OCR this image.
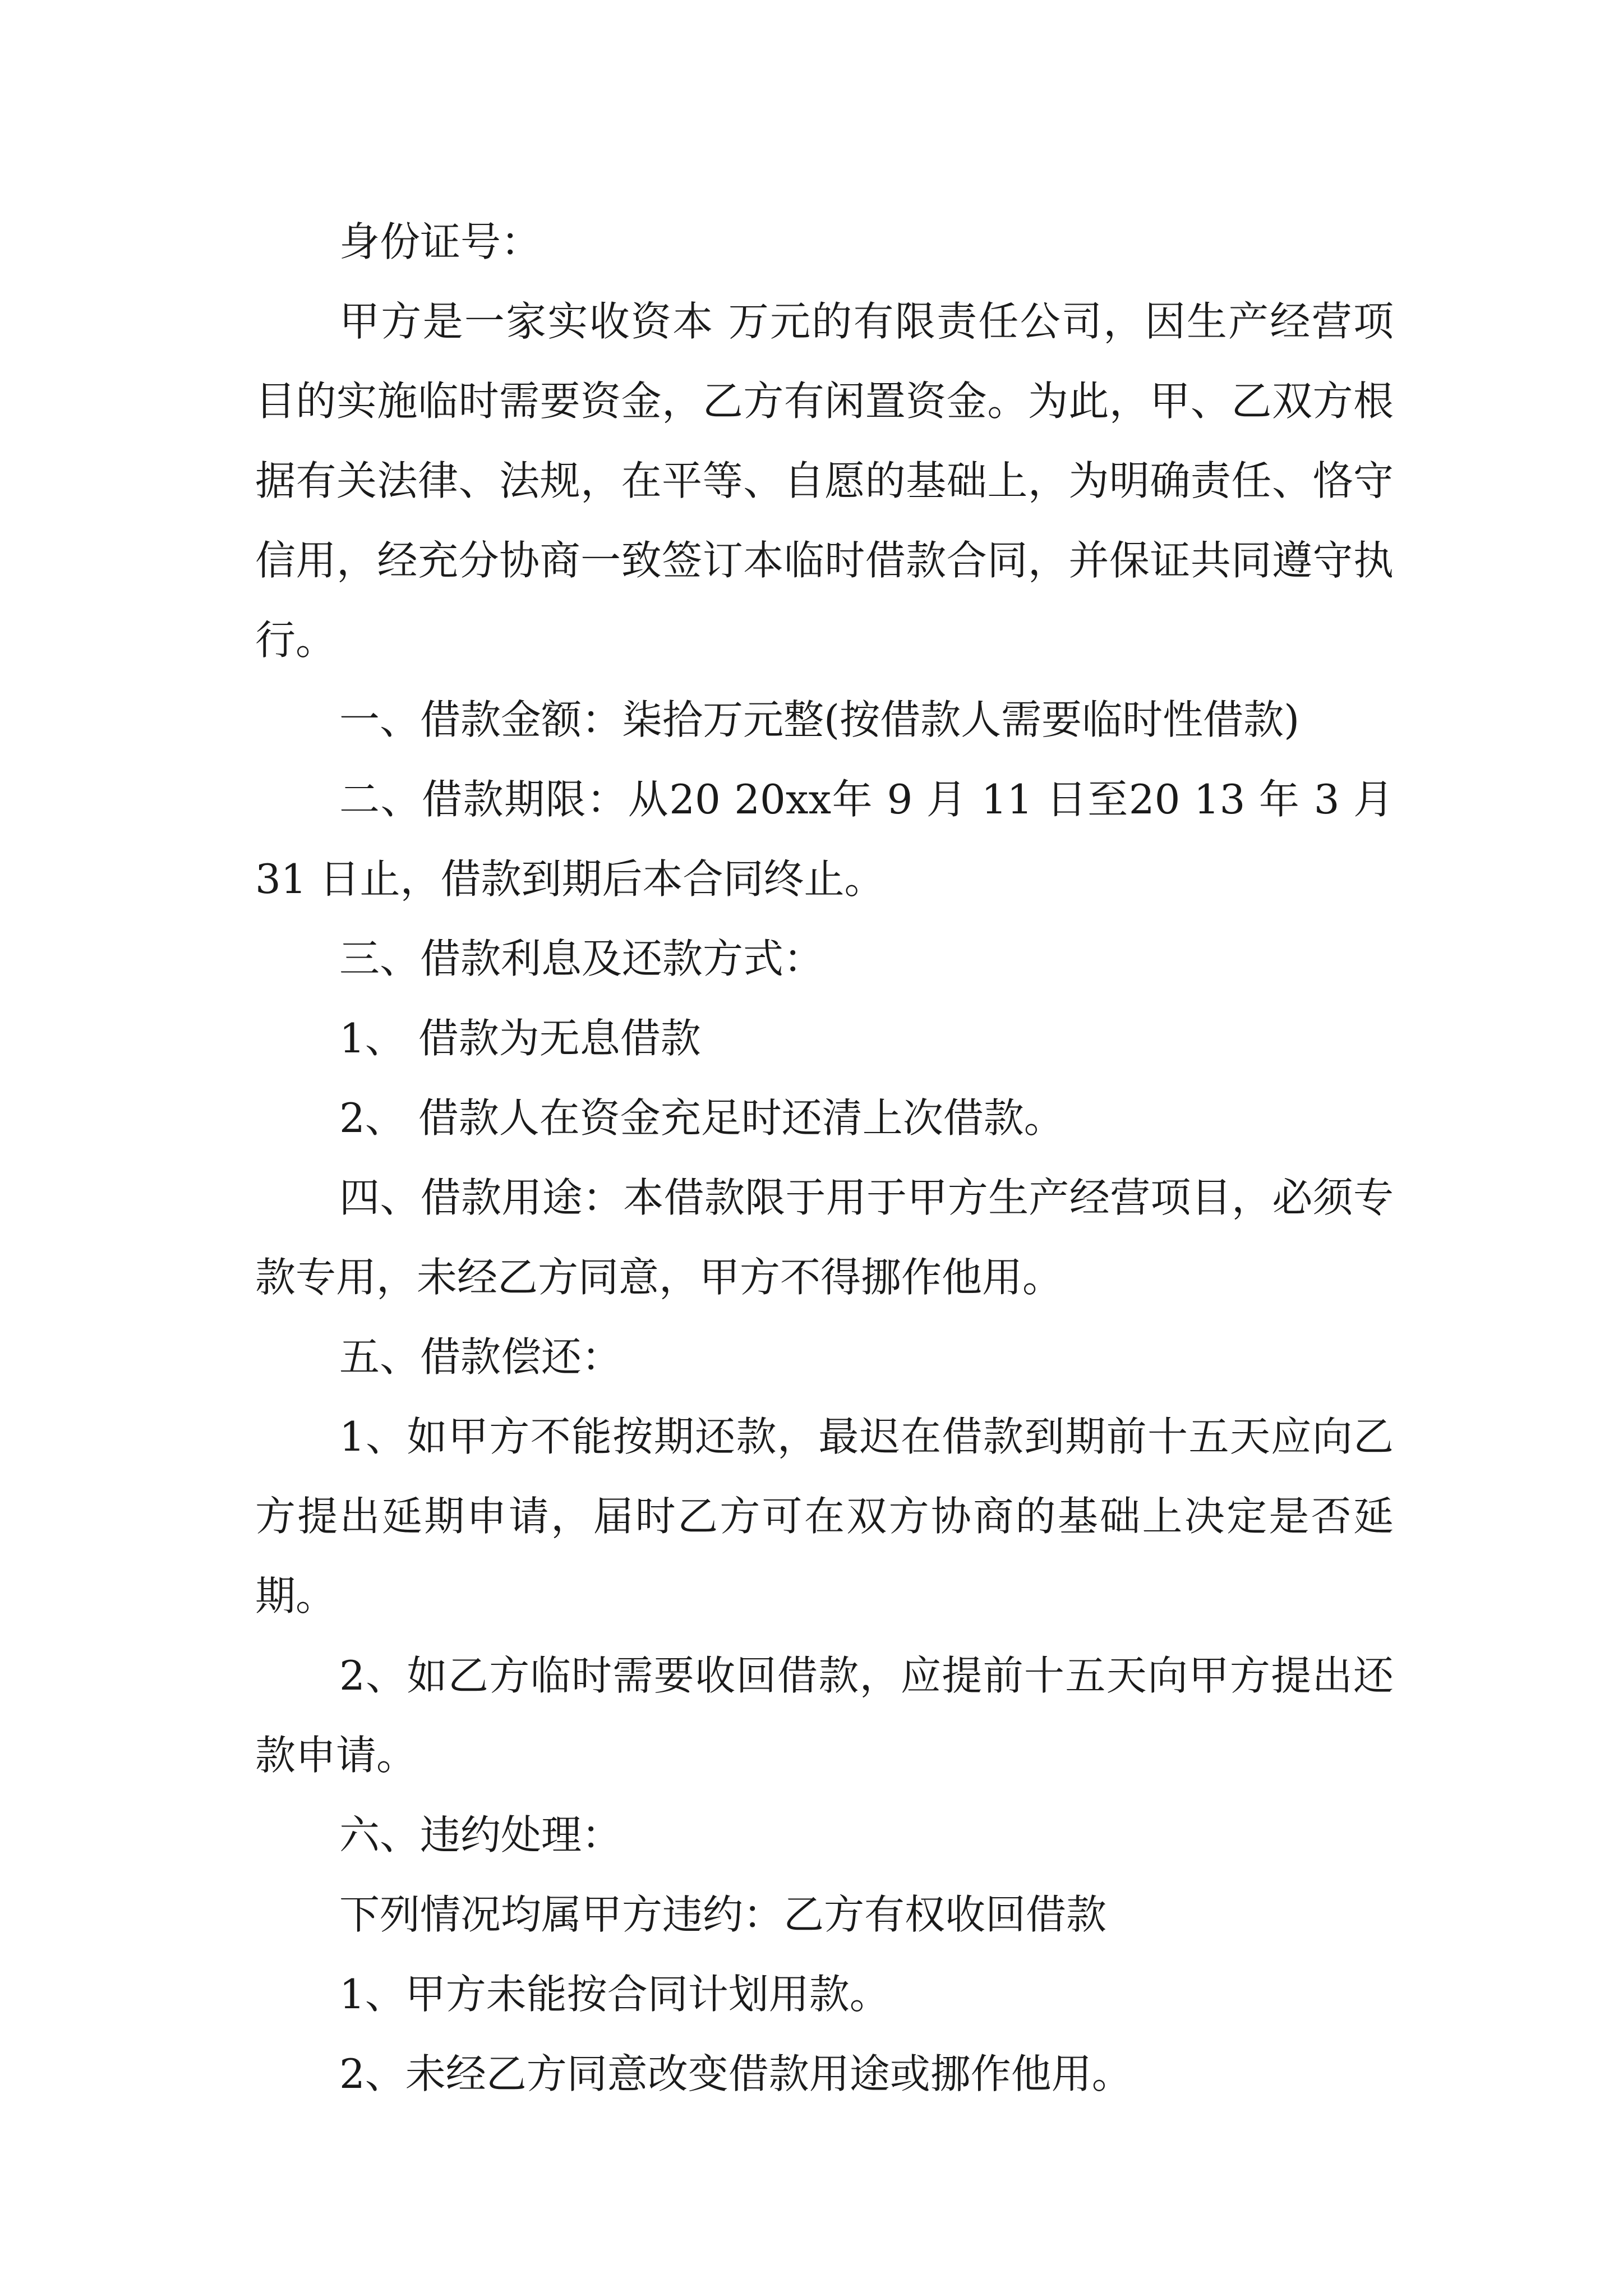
身份证号：

甲方是一家实收资本 万元的有限责任公司，因生产经营项目的实施临时需要资金，乙方有闲置资金。为此，甲、乙双方根据有关法律、法规，在平等、自愿的基础上，为明确责任、恪守信用，经充分协商一致签订本临时借款合同，并保证共同遵守执行。

一、借款金额：柒拾万元整(按借款人需要临时性借款)

二、借款期限：从20 20xx年 9 月 11 日至20 13 年 3 月 31 日止，借款到期后本合同终止。

三、借款利息及还款方式：

1、 借款为无息借款

2、 借款人在资金充足时还清上次借款。

四、借款用途：本借款限于用于甲方生产经营项目，必须专款专用，未经乙方同意，甲方不得挪作他用。

五、借款偿还：

1、如甲方不能按期还款，最迟在借款到期前十五天应向乙方提出延期申请，届时乙方可在双方协商的基础上决定是否延期。

2、如乙方临时需要收回借款，应提前十五天向甲方提出还款申请。

六、违约处理：

下列情况均属甲方违约：乙方有权收回借款

1、甲方未能按合同计划用款。

2、未经乙方同意改变借款用途或挪作他用。
